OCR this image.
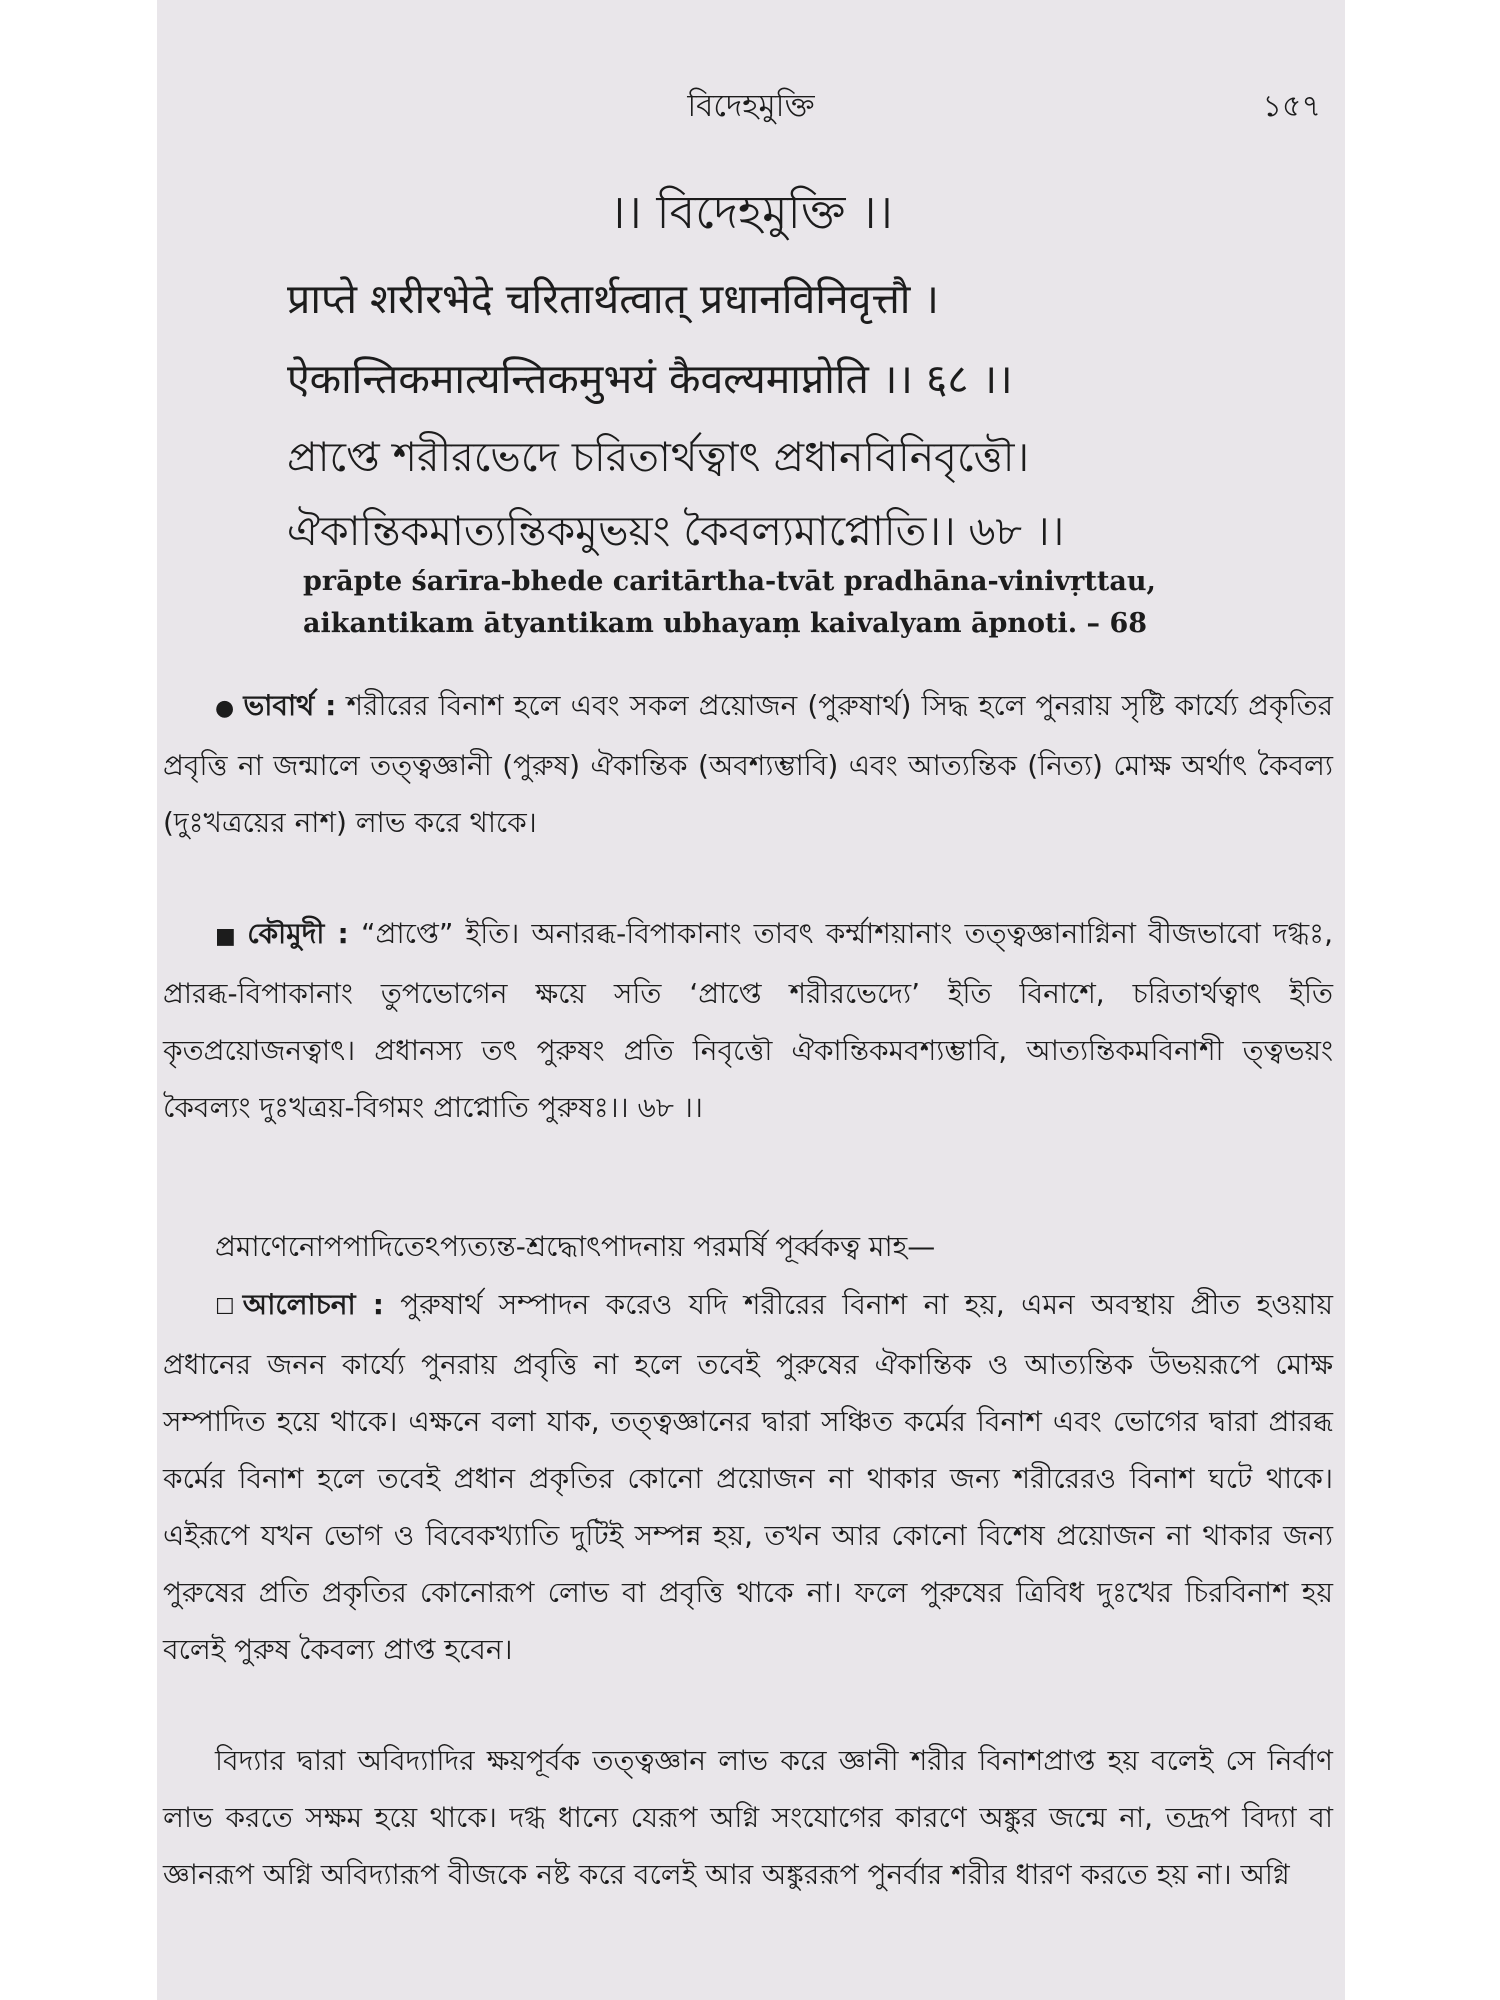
বিদেহমুক্তি	১৫৭
।। বিদেহমুক্তি ।।
प्राप्ते शरीरभेदे चरितार्थत्वात् प्रधानविनिवृत्तौ ।
ऐकान्तिकमात्यन्तिकमुभयं कैवल्यमाप्नोति ।। ६८ ।।
প্রাপ্তে শরীরভেদে চরিতার্থত্বাৎ প্রধানবিনিবৃত্তৌ।
ঐকান্তিকমাত্যন্তিকমুভয়ং কৈবল্যমাপ্নোতি।। ৬৮ ।।
prāpte śarīra-bhede caritārtha-tvāt pradhāna-vinivṛttau,
aikantikam ātyantikam ubhayaṃ kaivalyam āpnoti. – 68
● ভাবার্থ : শরীরের বিনাশ হলে এবং সকল প্রয়োজন (পুরুষার্থ) সিদ্ধ হলে পুনরায় সৃষ্টি কার্য্যে প্রকৃতির প্রবৃত্তি না জন্মালে তত্ত্বজ্ঞানী (পুরুষ) ঐকান্তিক (অবশ্যম্ভাবি) এবং আত্যন্তিক (নিত্য) মোক্ষ অর্থাৎ কৈবল্য (দুঃখত্রয়ের নাশ) লাভ করে থাকে।
■ কৌমুদী : “প্রাপ্তে” ইতি। অনারব্ধ-বিপাকানাং তাবৎ কর্ম্মাশয়ানাং তত্ত্বজ্ঞানাগ্নিনা বীজভাবো দগ্ধঃ, প্রারব্ধ-বিপাকানাং তুপভোগেন ক্ষয়ে সতি ‘প্রাপ্তে শরীরভেদ্যে’ ইতি বিনাশে, চরিতার্থত্বাৎ ইতি কৃতপ্রয়োজনত্বাৎ। প্রধানস্য তৎ পুরুষং প্রতি নিবৃত্তৌ ঐকান্তিকমবশ্যম্ভাবি, আত্যন্তিকমবিনাশী ত্ত্বভয়ং কৈবল্যং দুঃখত্রয়-বিগমং প্রাপ্নোতি পুরুষঃ।। ৬৮ ।।
প্রমাণেনোপপাদিতেঽপ্যত্যন্ত-শ্রদ্ধোৎপাদনায় পরমর্ষি পূর্ব্বকত্ব মাহ—
☐ আলোচনা : পুরুষার্থ সম্পাদন করেও যদি শরীরের বিনাশ না হয়, এমন অবস্থায় প্রীত হওয়ায় প্রধানের জনন কার্য্যে পুনরায় প্রবৃত্তি না হলে তবেই পুরুষের ঐকান্তিক ও আত্যন্তিক উভয়রূপে মোক্ষ সম্পাদিত হয়ে থাকে। এক্ষনে বলা যাক, তত্ত্বজ্ঞানের দ্বারা সঞ্চিত কর্মের বিনাশ এবং ভোগের দ্বারা প্রারব্ধ কর্মের বিনাশ হলে তবেই প্রধান প্রকৃতির কোনো প্রয়োজন না থাকার জন্য শরীরেরও বিনাশ ঘটে থাকে। এইরূপে যখন ভোগ ও বিবেকখ্যাতি দুটিই সম্পন্ন হয়, তখন আর কোনো বিশেষ প্রয়োজন না থাকার জন্য পুরুষের প্রতি প্রকৃতির কোনোরূপ লোভ বা প্রবৃত্তি থাকে না। ফলে পুরুষের ত্রিবিধ দুঃখের চিরবিনাশ হয় বলেই পুরুষ কৈবল্য প্রাপ্ত হবেন।
বিদ্যার দ্বারা অবিদ্যাদির ক্ষয়পূর্বক তত্ত্বজ্ঞান লাভ করে জ্ঞানী শরীর বিনাশপ্রাপ্ত হয় বলেই সে নির্বাণ লাভ করতে সক্ষম হয়ে থাকে। দগ্ধ ধান্যে যেরূপ অগ্নি সংযোগের কারণে অঙ্কুর জন্মে না, তদ্রূপ বিদ্যা বা জ্ঞানরূপ অগ্নি অবিদ্যারূপ বীজকে নষ্ট করে বলেই আর অঙ্কুররূপ পুনর্বার শরীর ধারণ করতে হয় না। অগ্নি
